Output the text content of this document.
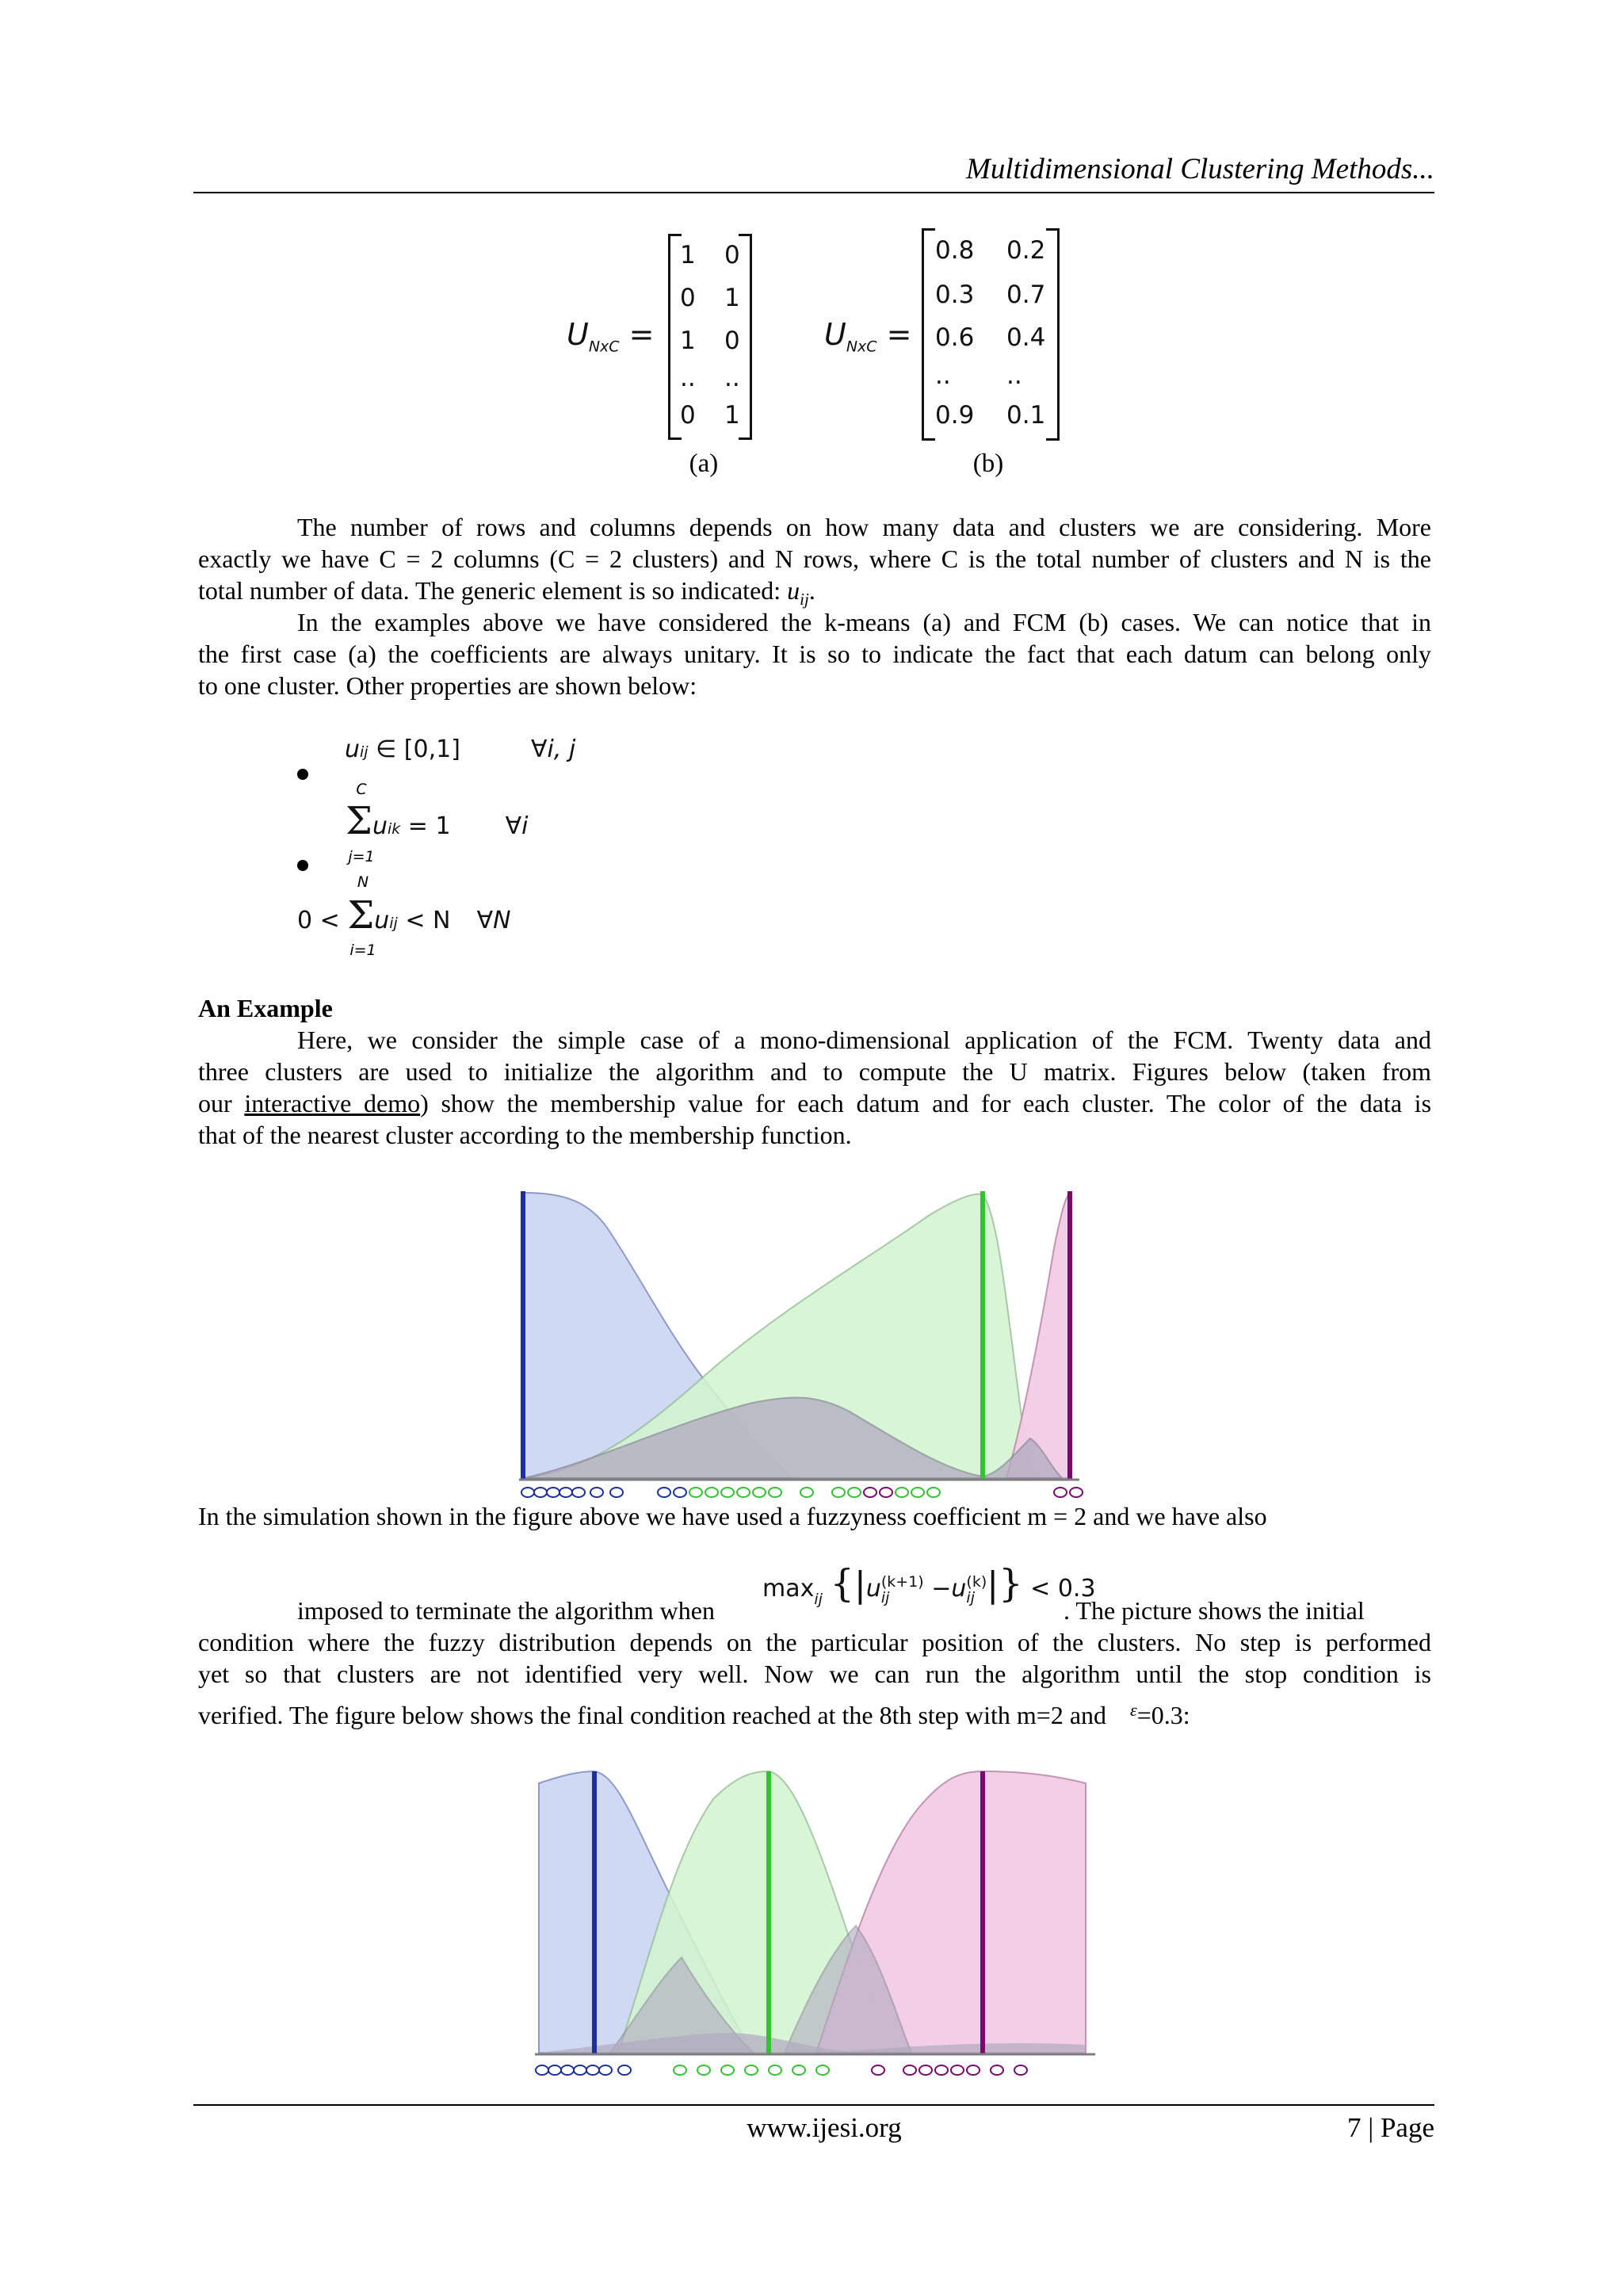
Multidimensional Clustering Methods...
$U_{NxC}$ =
1	0
0	1
1	0
..	..
0	1
(a)
$U_{NxC}$ =
0.8	0.2
0.3	0.7
0.6	0.4
..	..
0.9	0.1
(b)
The number of rows and columns depends on how many data and clusters we are considering. More
exactly we have C = 2 columns (C = 2 clusters) and N rows, where C is the total number of clusters and N is the
total number of data. The generic element is so indicated: $u_{ij}$.
In the examples above we have considered the k-means (a) and FCM (b) cases. We can notice that in
the first case (a) the coefficients are always unitary. It is so to indicate the fact that each datum can belong only
to one cluster. Other properties are shown below:
uij ∈ [0,1]	∀i, j
C
Σuik = 1 ∀i
j=1
N
0 < Σuij < N ∀N
i=1
An Example
Here, we consider the simple case of a mono-dimensional application of the FCM. Twenty data and
three clusters are used to initialize the algorithm and to compute the U matrix. Figures below (taken from
our interactive demo) show the membership value for each datum and for each cluster. The color of the data is
that of the nearest cluster according to the membership function.
In the simulation shown in the figure above we have used a fuzzyness coefficient m = 2 and we have also
$\max_{ij} \{|u$ (k+1)
ij	−u (k)
ij |} < 0.3
imposed to terminate the algorithm when	. The picture shows the initial
condition where the fuzzy distribution depends on the particular position of the clusters. No step is performed
yet so that clusters are not identified very well. Now we can run the algorithm until the stop condition is
verified. The figure below shows the final condition reached at the 8th step with m=2 and $^\varepsilon$=0.3:
www.ijesi.org	7 | Page
